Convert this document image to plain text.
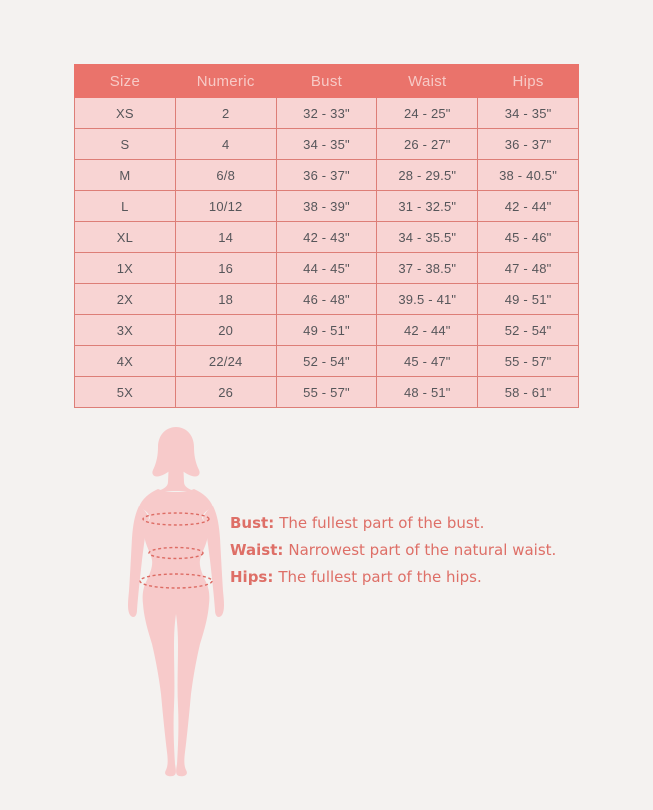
Size	Numeric	Bust	Waist	Hips
XS	2	32 - 33"	24 - 25"	34 - 35"
S	4	34 - 35"	26 - 27"	36 - 37"
M	6/8	36 - 37"	28 - 29.5"	38 - 40.5"
L	10/12	38 - 39"	31 - 32.5"	42 - 44"
XL	14	42 - 43"	34 - 35.5"	45 - 46"
1X	16	44 - 45"	37 - 38.5"	47 - 48"
2X	18	46 - 48"	39.5 - 41"	49 - 51"
3X	20	49 - 51"	42 - 44"	52 - 54"
4X	22/24	52 - 54"	45 - 47"	55 - 57"
5X	26	55 - 57"	48 - 51"	58 - 61"
Bust: The fullest part of the bust.
Waist: Narrowest part of the natural waist.
Hips: The fullest part of the hips.
